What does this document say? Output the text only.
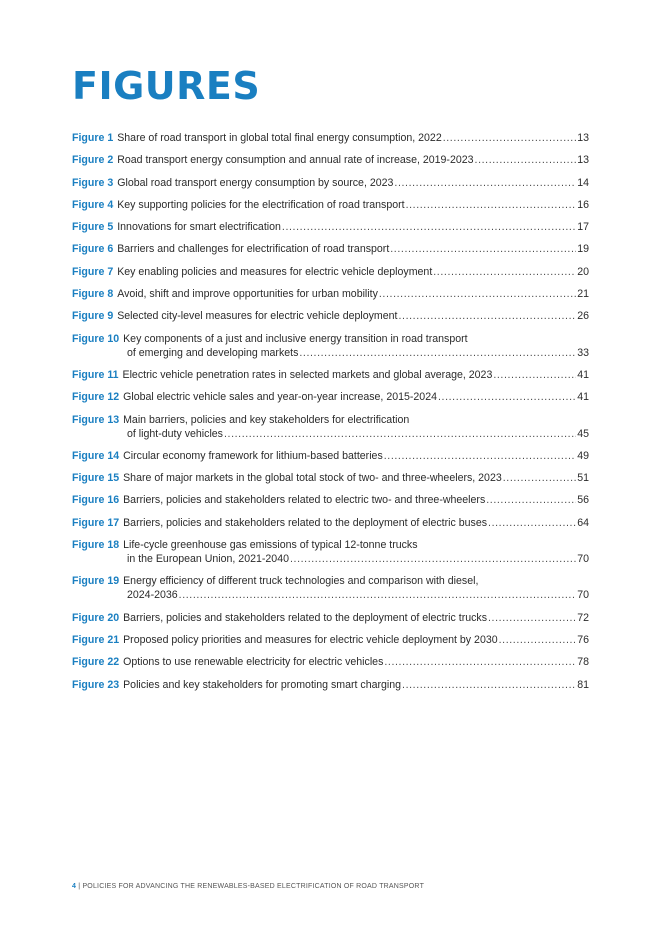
FIGURES
Figure 1 Share of road transport in global total final energy consumption, 2022 .....	13
Figure 2 Road transport energy consumption and annual rate of increase, 2019-2023 .....	13
Figure 3 Global road transport energy consumption by source, 2023 .....	14
Figure 4 Key supporting policies for the electrification of road transport .....	16
Figure 5 Innovations for smart electrification .....	17
Figure 6 Barriers and challenges for electrification of road transport .....	19
Figure 7 Key enabling policies and measures for electric vehicle deployment .....	20
Figure 8 Avoid, shift and improve opportunities for urban mobility .....	21
Figure 9 Selected city-level measures for electric vehicle deployment .....	26
Figure 10 Key components of a just and inclusive energy transition in road transport
of emerging and developing markets .....	33
Figure 11 Electric vehicle penetration rates in selected markets and global average, 2023 .....	41
Figure 12 Global electric vehicle sales and year-on-year increase, 2015-2024 .....	41
Figure 13 Main barriers, policies and key stakeholders for electrification
of light-duty vehicles .....	45
Figure 14 Circular economy framework for lithium-based batteries .....	49
Figure 15 Share of major markets in the global total stock of two- and three-wheelers, 2023 .....	51
Figure 16 Barriers, policies and stakeholders related to electric two- and three-wheelers .....	56
Figure 17 Barriers, policies and stakeholders related to the deployment of electric buses .....	64
Figure 18 Life-cycle greenhouse gas emissions of typical 12-tonne trucks
in the European Union, 2021-2040 .....	70
Figure 19 Energy efficiency of different truck technologies and comparison with diesel,
2024-2036 .....	70
Figure 20 Barriers, policies and stakeholders related to the deployment of electric trucks .....	72
Figure 21 Proposed policy priorities and measures for electric vehicle deployment by 2030 .....	76
Figure 22 Options to use renewable electricity for electric vehicles .....	78
Figure 23 Policies and key stakeholders for promoting smart charging .....	81
4 | POLICIES FOR ADVANCING THE RENEWABLES-BASED ELECTRIFICATION OF ROAD TRANSPORT
